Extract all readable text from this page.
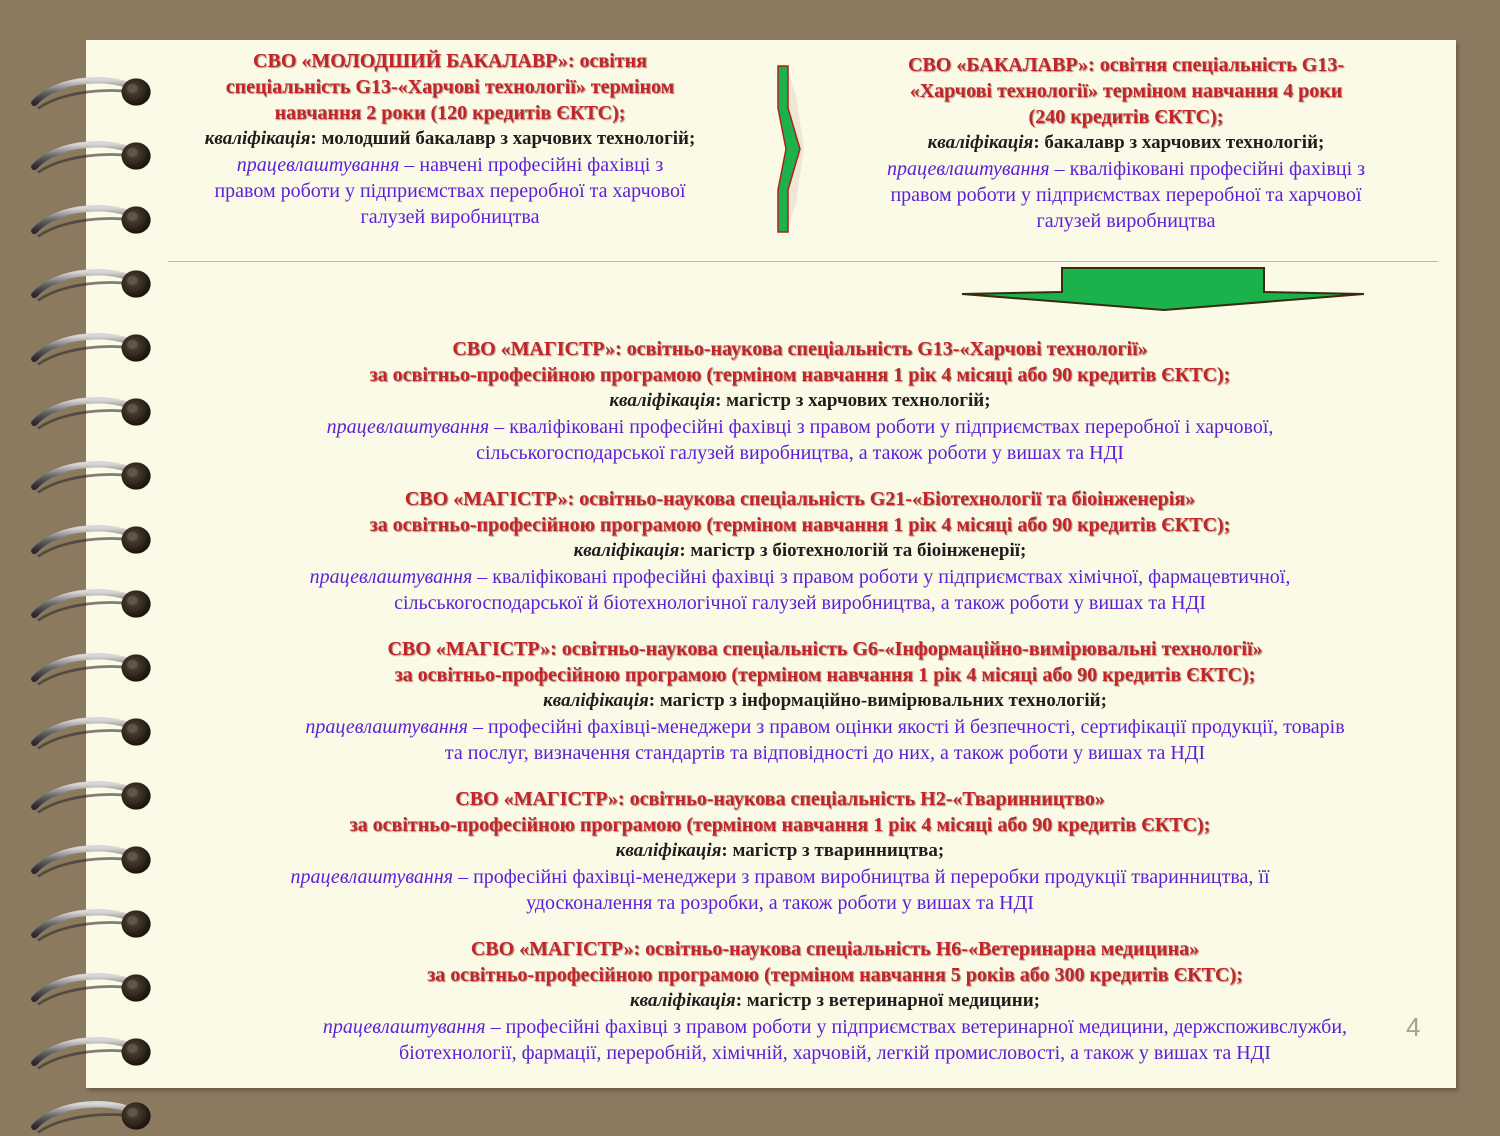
СВО «МОЛОДШИЙ БАКАЛАВР»: освітня

спеціальність G13-«Харчові технології» терміном

навчання 2 роки (120 кредитів ЄКТС);

кваліфікація: молодший бакалавр з харчових технологій;

працевлаштування – навчені професійні фахівці з

правом роботи у підприємствах переробної та харчової

галузей виробництва

СВО «БАКАЛАВР»: освітня спеціальність G13-

«Харчові технології» терміном навчання 4 роки

(240 кредитів ЄКТС);

кваліфікація: бакалавр з харчових технологій;

працевлаштування – кваліфіковані професійні фахівці з

правом роботи у підприємствах переробної та харчової

галузей виробництва

СВО «МАГІСТР»: освітньо-наукова спеціальність G13-«Харчові технології»

за освітньо-професійною програмою (терміном навчання 1 рік 4 місяці або 90 кредитів ЄКТС);

кваліфікація: магістр з харчових технологій;

працевлаштування – кваліфіковані професійні фахівці з правом роботи у підприємствах переробної і харчової,

сільськогосподарської галузей виробництва, а також роботи у вишах та НДІ

СВО «МАГІСТР»: освітньо-наукова спеціальність G21-«Біотехнології та біоінженерія»

за освітньо-професійною програмою (терміном навчання 1 рік 4 місяці або 90 кредитів ЄКТС);

кваліфікація: магістр з біотехнологій та біоінженерії;

працевлаштування – кваліфіковані професійні фахівці з правом роботи у підприємствах хімічної, фармацевтичної,

сільськогосподарської й біотехнологічної галузей виробництва, а також роботи у вишах та НДІ

СВО «МАГІСТР»: освітньо-наукова спеціальність G6-«Інформаційно-вимірювальні технології»

за освітньо-професійною програмою (терміном навчання 1 рік 4 місяці або 90 кредитів ЄКТС);

кваліфікація: магістр з інформаційно-вимірювальних технологій;

працевлаштування – професійні фахівці-менеджери з правом оцінки якості й безпечності, сертифікації продукції, товарів

та послуг, визначення стандартів та відповідності до них, а також роботи у вишах та НДІ

СВО «МАГІСТР»: освітньо-наукова спеціальність Н2-«Тваринництво»

за освітньо-професійною програмою (терміном навчання 1 рік 4 місяці або 90 кредитів ЄКТС);

кваліфікація: магістр з тваринництва;

працевлаштування – професійні фахівці-менеджери з правом виробництва й переробки продукції тваринництва, її

удосконалення та розробки, а також роботи у вишах та НДІ

СВО «МАГІСТР»: освітньо-наукова спеціальність Н6-«Ветеринарна медицина»

за освітньо-професійною програмою (терміном навчання 5 років або 300 кредитів ЄКТС);

кваліфікація: магістр з ветеринарної медицини;

працевлаштування – професійні фахівці з правом роботи у підприємствах ветеринарної медицини, держспоживслужби,

біотехнології, фармації, переробній, хімічній, харчовій, легкій промисловості, а також у вишах та НДІ

4
